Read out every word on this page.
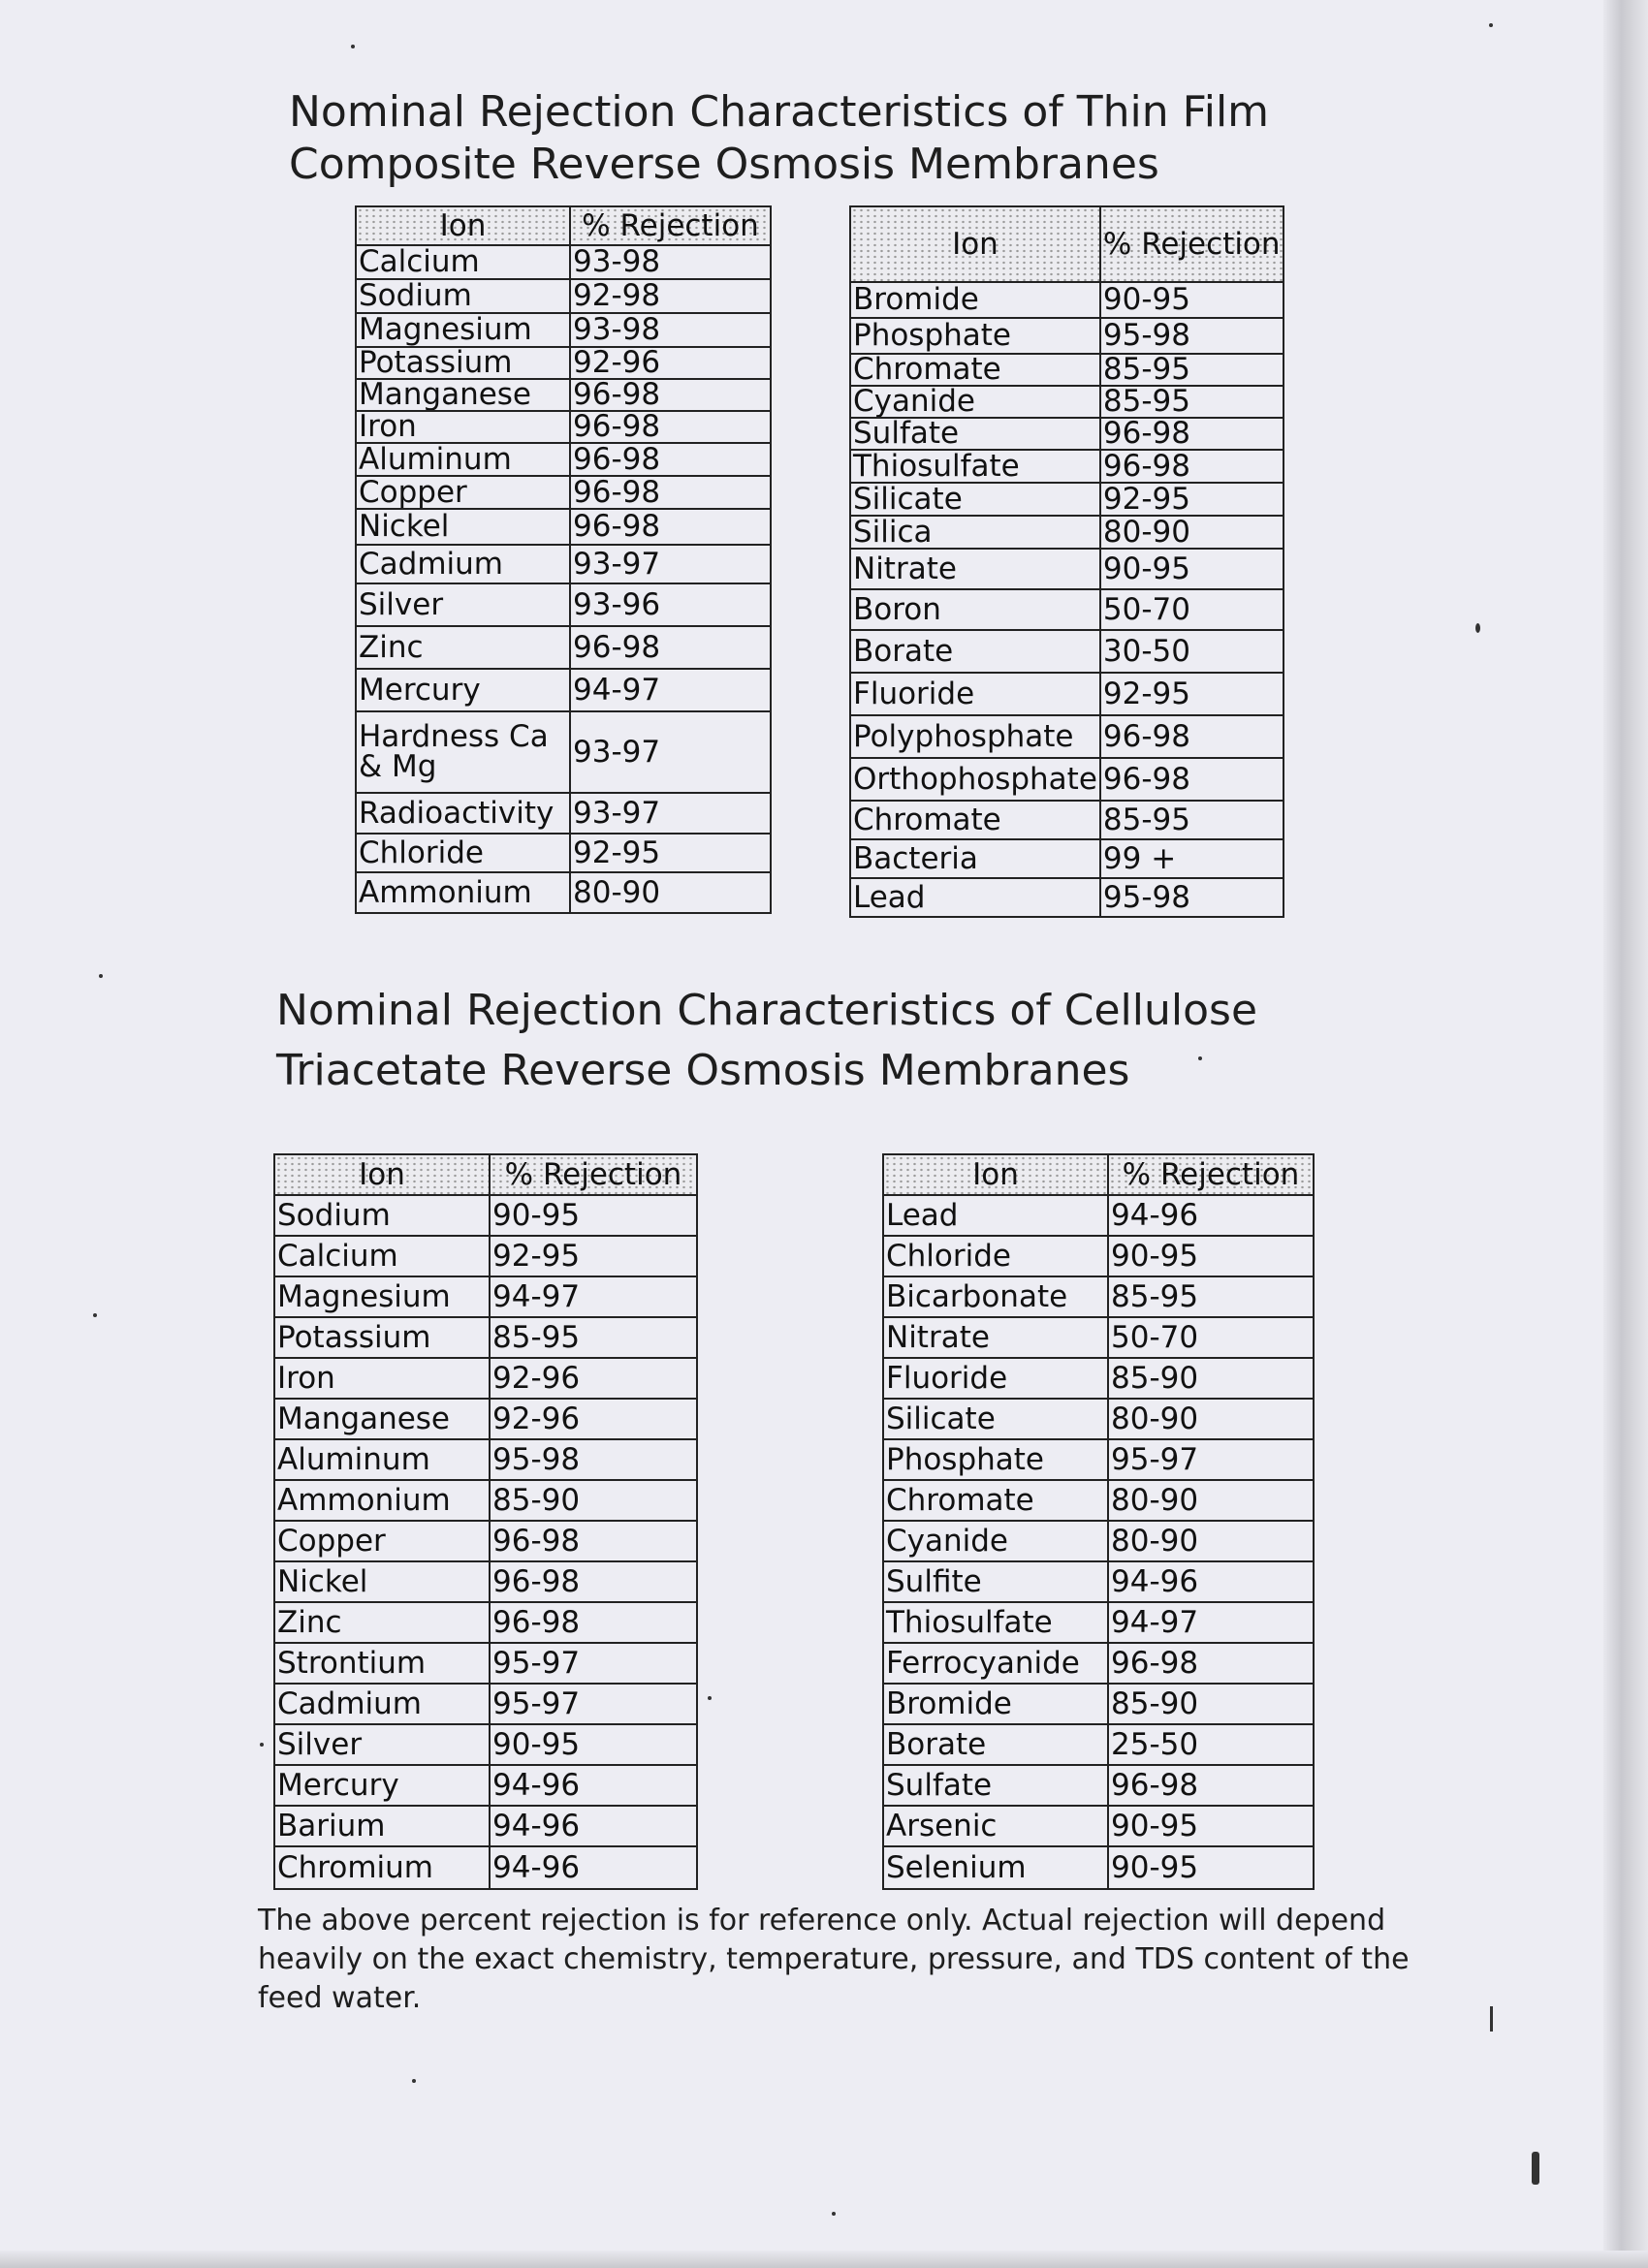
Nominal Rejection Characteristics of Thin Film
Composite Reverse Osmosis Membranes
Ion	% Rejection
Calcium	93-98
Sodium	92-98
Magnesium	93-98
Potassium	92-96
Manganese	96-98
Iron	96-98
Aluminum	96-98
Copper	96-98
Nickel	96-98
Cadmium	93-97
Silver	93-96
Zinc	96-98
Mercury	94-97
Hardness Ca & Mg	93-97
Radioactivity	93-97
Chloride	92-95
Ammonium	80-90
Ion	% Rejection
Bromide	90-95
Phosphate	95-98
Chromate	85-95
Cyanide	85-95
Sulfate	96-98
Thiosulfate	96-98
Silicate	92-95
Silica	80-90
Nitrate	90-95
Boron	50-70
Borate	30-50
Fluoride	92-95
Polyphosphate	96-98
Orthophosphate	96-98
Chromate	85-95
Bacteria	99 +
Lead	95-98
Nominal Rejection Characteristics of Cellulose
Triacetate Reverse Osmosis Membranes
Ion	% Rejection
Sodium	90-95
Calcium	92-95
Magnesium	94-97
Potassium	85-95
Iron	92-96
Manganese	92-96
Aluminum	95-98
Ammonium	85-90
Copper	96-98
Nickel	96-98
Zinc	96-98
Strontium	95-97
Cadmium	95-97
Silver	90-95
Mercury	94-96
Barium	94-96
Chromium	94-96
Ion	% Rejection
Lead	94-96
Chloride	90-95
Bicarbonate	85-95
Nitrate	50-70
Fluoride	85-90
Silicate	80-90
Phosphate	95-97
Chromate	80-90
Cyanide	80-90
Sulfite	94-96
Thiosulfate	94-97
Ferrocyanide	96-98
Bromide	85-90
Borate	25-50
Sulfate	96-98
Arsenic	90-95
Selenium	90-95

The above percent rejection is for reference only. Actual rejection will depend heavily on the exact chemistry, temperature, pressure, and TDS content of the feed water.
